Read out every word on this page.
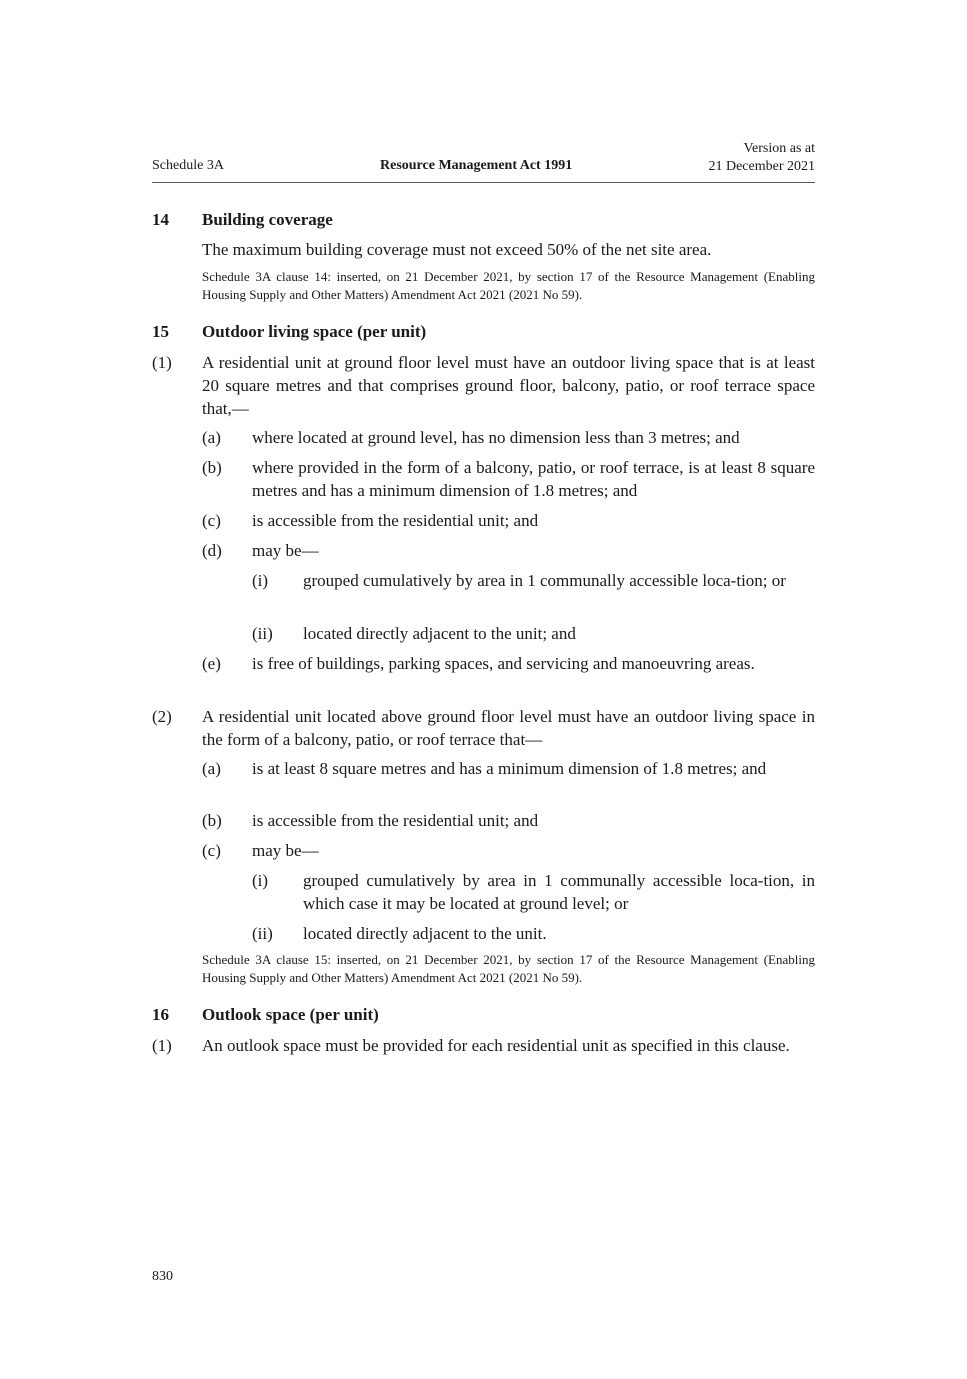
Schedule 3A	Resource Management Act 1991
Version as at
21 December 2021
14 Building coverage
The maximum building coverage must not exceed 50% of the net site area.
Schedule 3A clause 14: inserted, on 21 December 2021, by section 17 of the Resource Management (Enabling Housing Supply and Other Matters) Amendment Act 2021 (2021 No 59).
15 Outdoor living space (per unit)
(1) A residential unit at ground floor level must have an outdoor living space that is at least 20 square metres and that comprises ground floor, balcony, patio, or roof terrace space that,—
(a) where located at ground level, has no dimension less than 3 metres; and
(b) where provided in the form of a balcony, patio, or roof terrace, is at least 8 square metres and has a minimum dimension of 1.8 metres; and
(c) is accessible from the residential unit; and
(d) may be—
(i) grouped cumulatively by area in 1 communally accessible loca-tion; or
(ii) located directly adjacent to the unit; and
(e) is free of buildings, parking spaces, and servicing and manoeuvring areas.
(2) A residential unit located above ground floor level must have an outdoor living space in the form of a balcony, patio, or roof terrace that—
(a) is at least 8 square metres and has a minimum dimension of 1.8 metres; and
(b) is accessible from the residential unit; and
(c) may be—
(i) grouped cumulatively by area in 1 communally accessible loca-tion, in which case it may be located at ground level; or
(ii) located directly adjacent to the unit.
Schedule 3A clause 15: inserted, on 21 December 2021, by section 17 of the Resource Management (Enabling Housing Supply and Other Matters) Amendment Act 2021 (2021 No 59).
16 Outlook space (per unit)
(1) An outlook space must be provided for each residential unit as specified in this clause.
830
